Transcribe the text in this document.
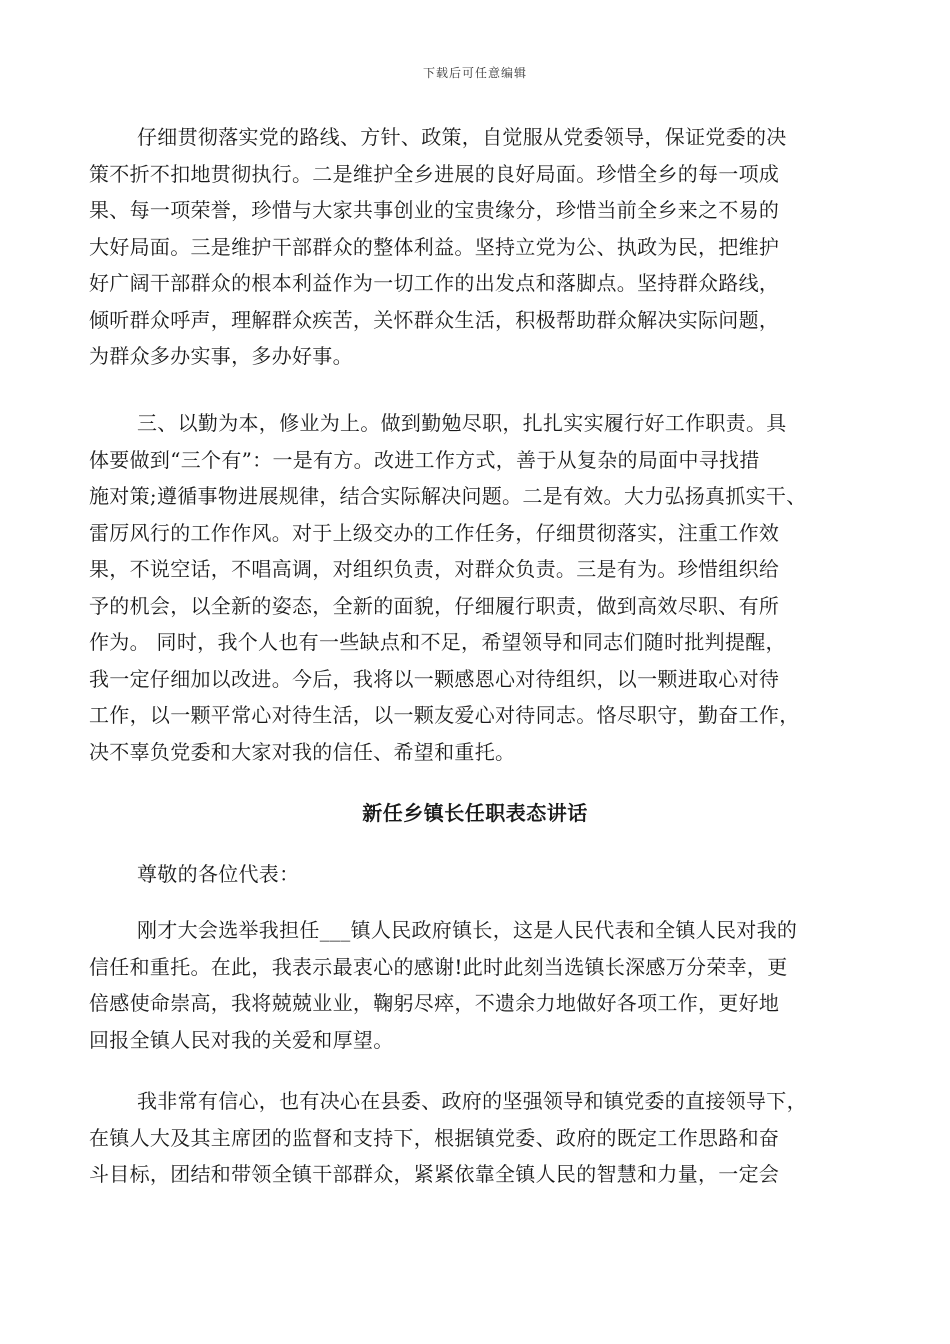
下载后可任意编辑
仔细贯彻落实党的路线、方针、政策，自觉服从党委领导，保证党委的决
策不折不扣地贯彻执行。二是维护全乡进展的良好局面。珍惜全乡的每一项成
果、每一项荣誉，珍惜与大家共事创业的宝贵缘分，珍惜当前全乡来之不易的
大好局面。三是维护干部群众的整体利益。坚持立党为公、执政为民，把维护
好广阔干部群众的根本利益作为一切工作的出发点和落脚点。坚持群众路线，
倾听群众呼声，理解群众疾苦，关怀群众生活，积极帮助群众解决实际问题，
为群众多办实事，多办好事。
三、以勤为本，修业为上。做到勤勉尽职，扎扎实实履行好工作职责。具
体要做到“三个有”：一是有方。改进工作方式，善于从复杂的局面中寻找措
施对策;遵循事物进展规律，结合实际解决问题。二是有效。大力弘扬真抓实干、
雷厉风行的工作作风。对于上级交办的工作任务，仔细贯彻落实，注重工作效
果，不说空话，不唱高调，对组织负责，对群众负责。三是有为。珍惜组织给
予的机会，以全新的姿态，全新的面貌，仔细履行职责，做到高效尽职、有所
作为。 同时，我个人也有一些缺点和不足，希望领导和同志们随时批判提醒，
我一定仔细加以改进。今后，我将以一颗感恩心对待组织，以一颗进取心对待
工作，以一颗平常心对待生活，以一颗友爱心对待同志。恪尽职守，勤奋工作，
决不辜负党委和大家对我的信任、希望和重托。
新任乡镇长任职表态讲话
尊敬的各位代表：
刚才大会选举我担任___镇人民政府镇长，这是人民代表和全镇人民对我的
信任和重托。在此，我表示最衷心的感谢!此时此刻当选镇长深感万分荣幸，更
倍感使命崇高，我将兢兢业业，鞠躬尽瘁，不遗余力地做好各项工作，更好地
回报全镇人民对我的关爱和厚望。
我非常有信心，也有决心在县委、政府的坚强领导和镇党委的直接领导下，
在镇人大及其主席团的监督和支持下，根据镇党委、政府的既定工作思路和奋
斗目标，团结和带领全镇干部群众，紧紧依靠全镇人民的智慧和力量，一定会
